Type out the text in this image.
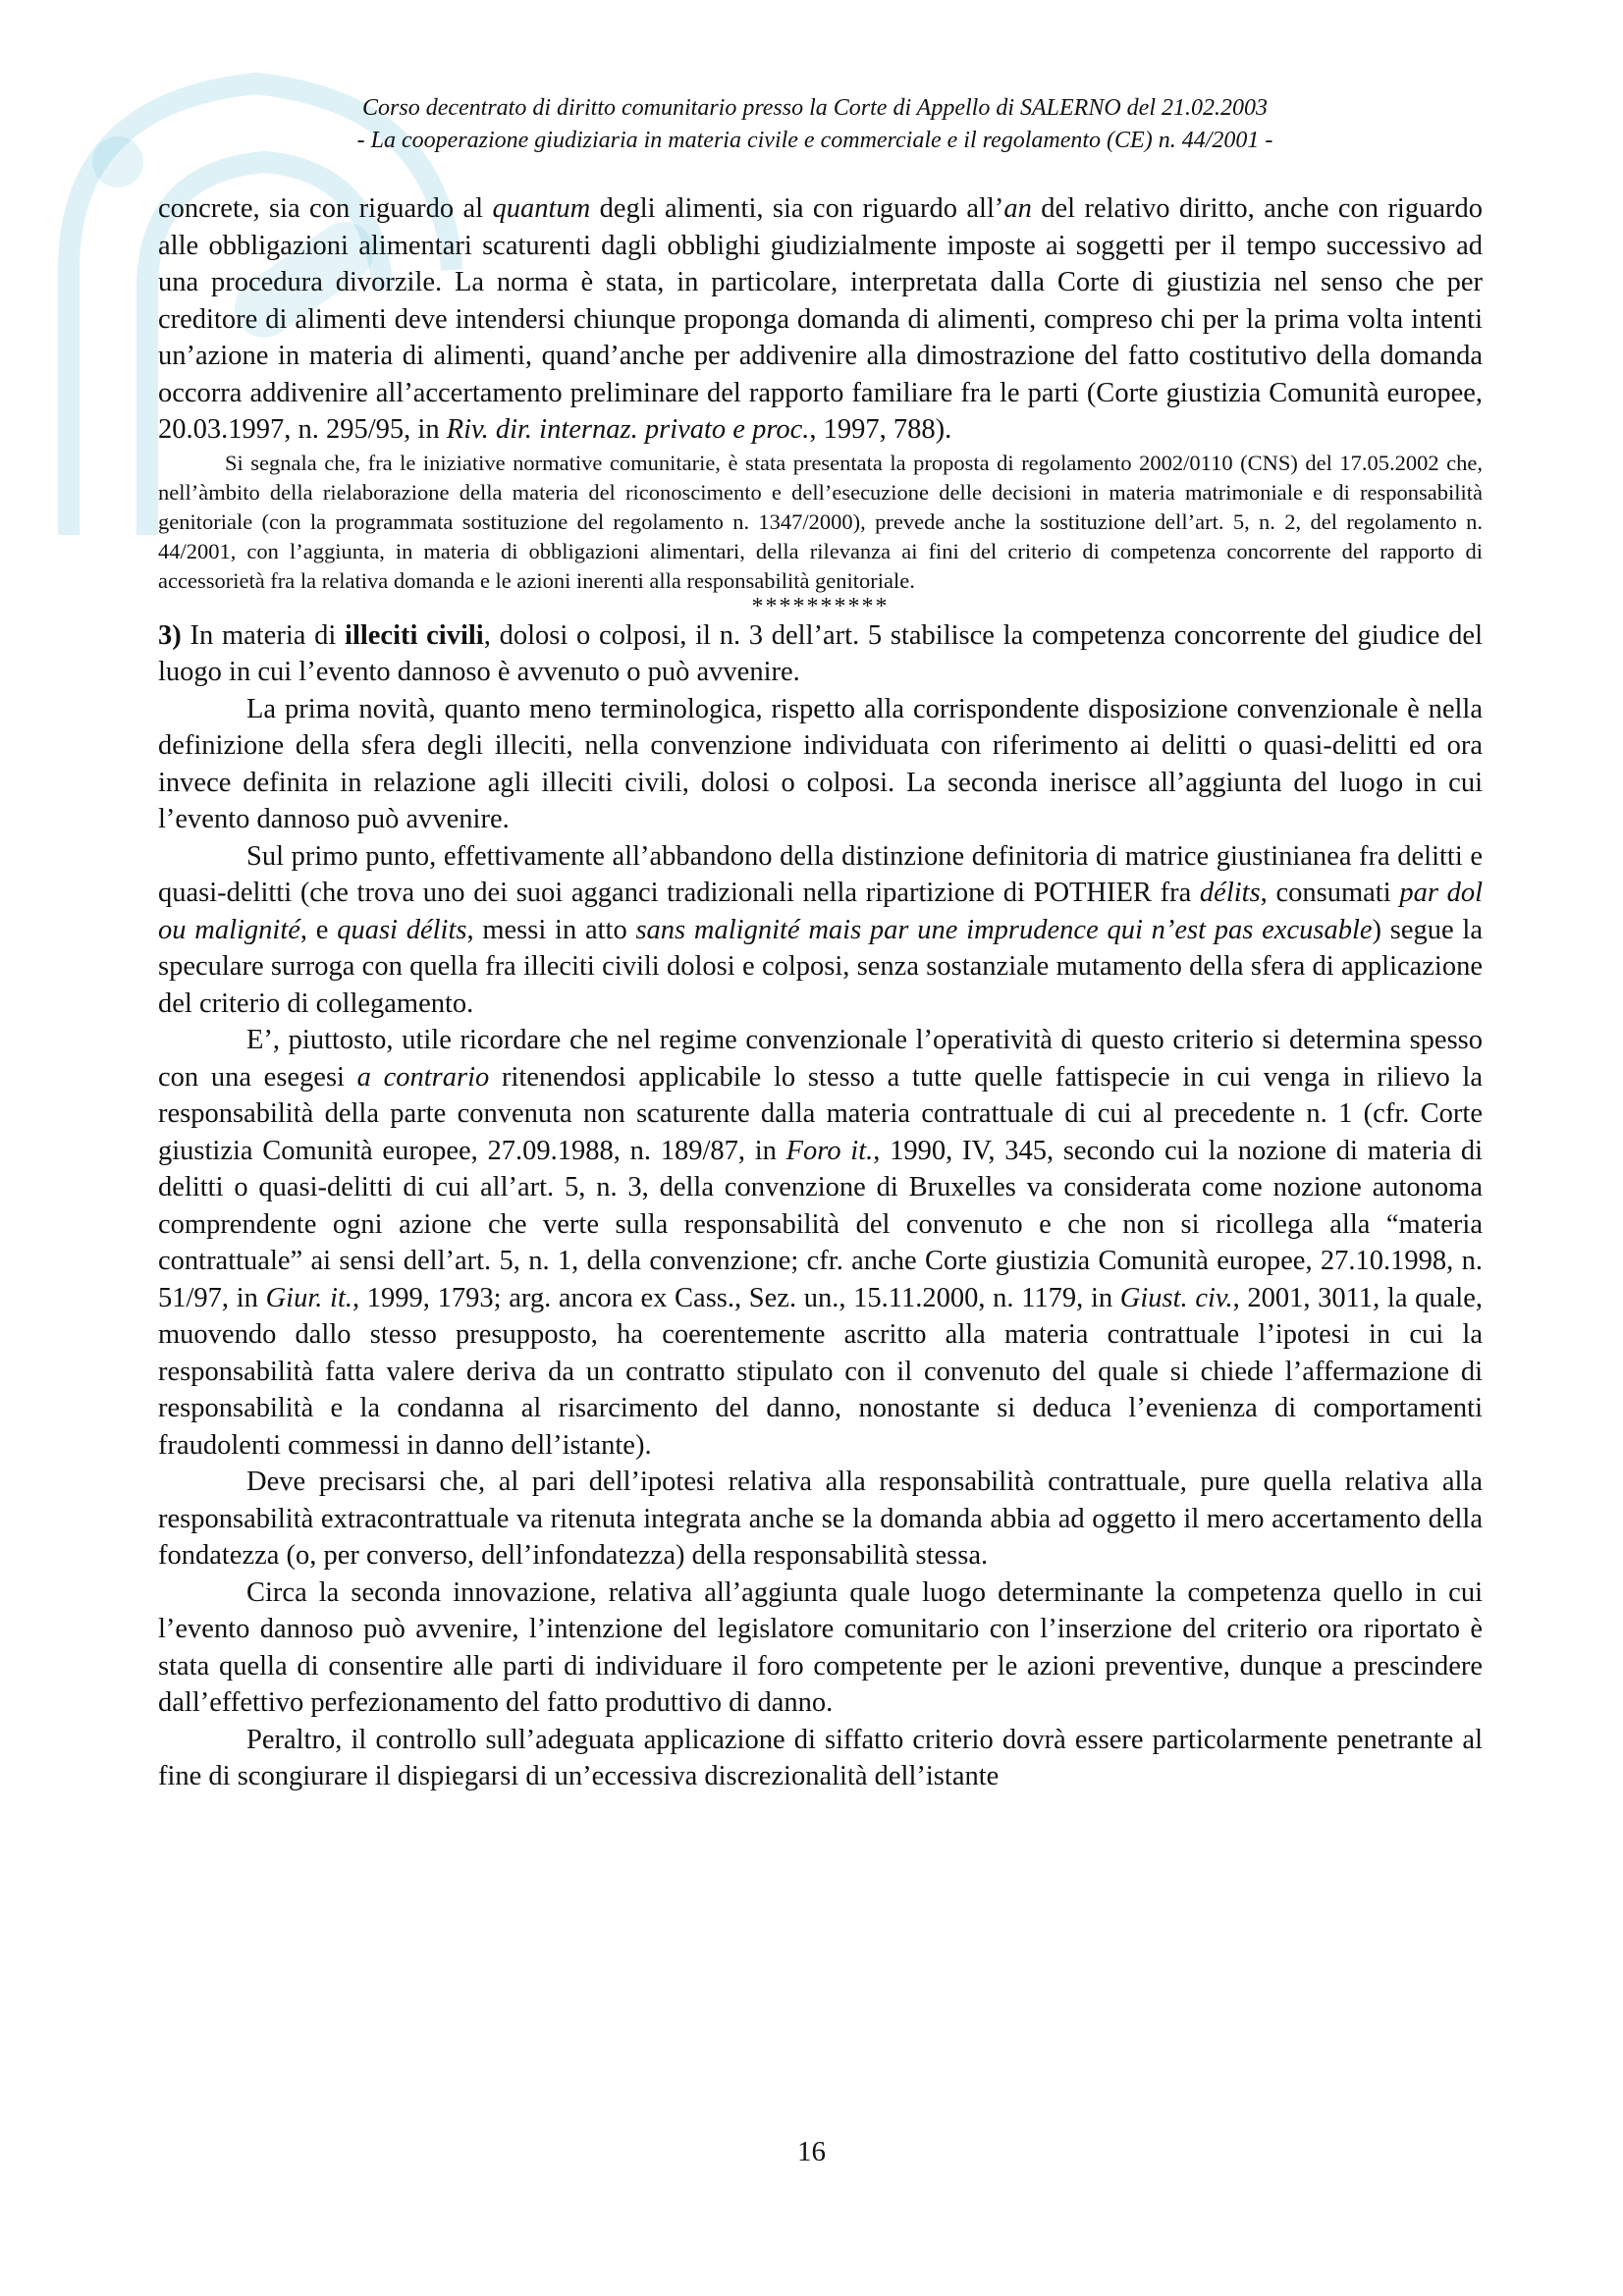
Corso decentrato di diritto comunitario presso la Corte di Appello di SALERNO del 21.02.2003
- La cooperazione giudiziaria in materia civile e commerciale e il regolamento (CE) n. 44/2001 -

concrete, sia con riguardo al quantum degli alimenti, sia con riguardo all’an del relativo diritto, anche con riguardo alle obbligazioni alimentari scaturenti dagli obblighi giudizialmente imposte ai soggetti per il tempo successivo ad una procedura divorzile. La norma è stata, in particolare, interpretata dalla Corte di giustizia nel senso che per creditore di alimenti deve intendersi chiunque proponga domanda di alimenti, compreso chi per la prima volta intenti un’azione in materia di alimenti, quand’anche per addivenire alla dimostrazione del fatto costitutivo della domanda occorra addivenire all’accertamento preliminare del rapporto familiare fra le parti (Corte giustizia Comunità europee, 20.03.1997, n. 295/95, in Riv. dir. internaz. privato e proc., 1997, 788).

Si segnala che, fra le iniziative normative comunitarie, è stata presentata la proposta di regolamento 2002/0110 (CNS) del 17.05.2002 che, nell’àmbito della rielaborazione della materia del riconoscimento e dell’esecuzione delle decisioni in materia matrimoniale e di responsabilità genitoriale (con la programmata sostituzione del regolamento n. 1347/2000), prevede anche la sostituzione dell’art. 5, n. 2, del regolamento n. 44/2001, con l’aggiunta, in materia di obbligazioni alimentari, della rilevanza ai fini del criterio di competenza concorrente del rapporto di accessorietà fra la relativa domanda e le azioni inerenti alla responsabilità genitoriale.

**********

3) In materia di illeciti civili, dolosi o colposi, il n. 3 dell’art. 5 stabilisce la competenza concorrente del giudice del luogo in cui l’evento dannoso è avvenuto o può avvenire.

La prima novità, quanto meno terminologica, rispetto alla corrispondente disposizione convenzionale è nella definizione della sfera degli illeciti, nella convenzione individuata con riferimento ai delitti o quasi-delitti ed ora invece definita in relazione agli illeciti civili, dolosi o colposi. La seconda inerisce all’aggiunta del luogo in cui l’evento dannoso può avvenire.

Sul primo punto, effettivamente all’abbandono della distinzione definitoria di matrice giustinianea fra delitti e quasi-delitti (che trova uno dei suoi agganci tradizionali nella ripartizione di POTHIER fra délits, consumati par dol ou malignité, e quasi délits, messi in atto sans malignité mais par une imprudence qui n’est pas excusable) segue la speculare surroga con quella fra illeciti civili dolosi e colposi, senza sostanziale mutamento della sfera di applicazione del criterio di collegamento.

E’, piuttosto, utile ricordare che nel regime convenzionale l’operatività di questo criterio si determina spesso con una esegesi a contrario ritenendosi applicabile lo stesso a tutte quelle fattispecie in cui venga in rilievo la responsabilità della parte convenuta non scaturente dalla materia contrattuale di cui al precedente n. 1 (cfr. Corte giustizia Comunità europee, 27.09.1988, n. 189/87, in Foro it., 1990, IV, 345, secondo cui la nozione di materia di delitti o quasi-delitti di cui all’art. 5, n. 3, della convenzione di Bruxelles va considerata come nozione autonoma comprendente ogni azione che verte sulla responsabilità del convenuto e che non si ricollega alla “materia contrattuale” ai sensi dell’art. 5, n. 1, della convenzione; cfr. anche Corte giustizia Comunità europee, 27.10.1998, n. 51/97, in Giur. it., 1999, 1793; arg. ancora ex Cass., Sez. un., 15.11.2000, n. 1179, in Giust. civ., 2001, 3011, la quale, muovendo dallo stesso presupposto, ha coerentemente ascritto alla materia contrattuale l’ipotesi in cui la responsabilità fatta valere deriva da un contratto stipulato con il convenuto del quale si chiede l’affermazione di responsabilità e la condanna al risarcimento del danno, nonostante si deduca l’evenienza di comportamenti fraudolenti commessi in danno dell’istante).

Deve precisarsi che, al pari dell’ipotesi relativa alla responsabilità contrattuale, pure quella relativa alla responsabilità extracontrattuale va ritenuta integrata anche se la domanda abbia ad oggetto il mero accertamento della fondatezza (o, per converso, dell’infondatezza) della responsabilità stessa.

Circa la seconda innovazione, relativa all’aggiunta quale luogo determinante la competenza quello in cui l’evento dannoso può avvenire, l’intenzione del legislatore comunitario con l’inserzione del criterio ora riportato è stata quella di consentire alle parti di individuare il foro competente per le azioni preventive, dunque a prescindere dall’effettivo perfezionamento del fatto produttivo di danno.

Peraltro, il controllo sull’adeguata applicazione di siffatto criterio dovrà essere particolarmente penetrante al fine di scongiurare il dispiegarsi di un’eccessiva discrezionalità dell’istante

16
